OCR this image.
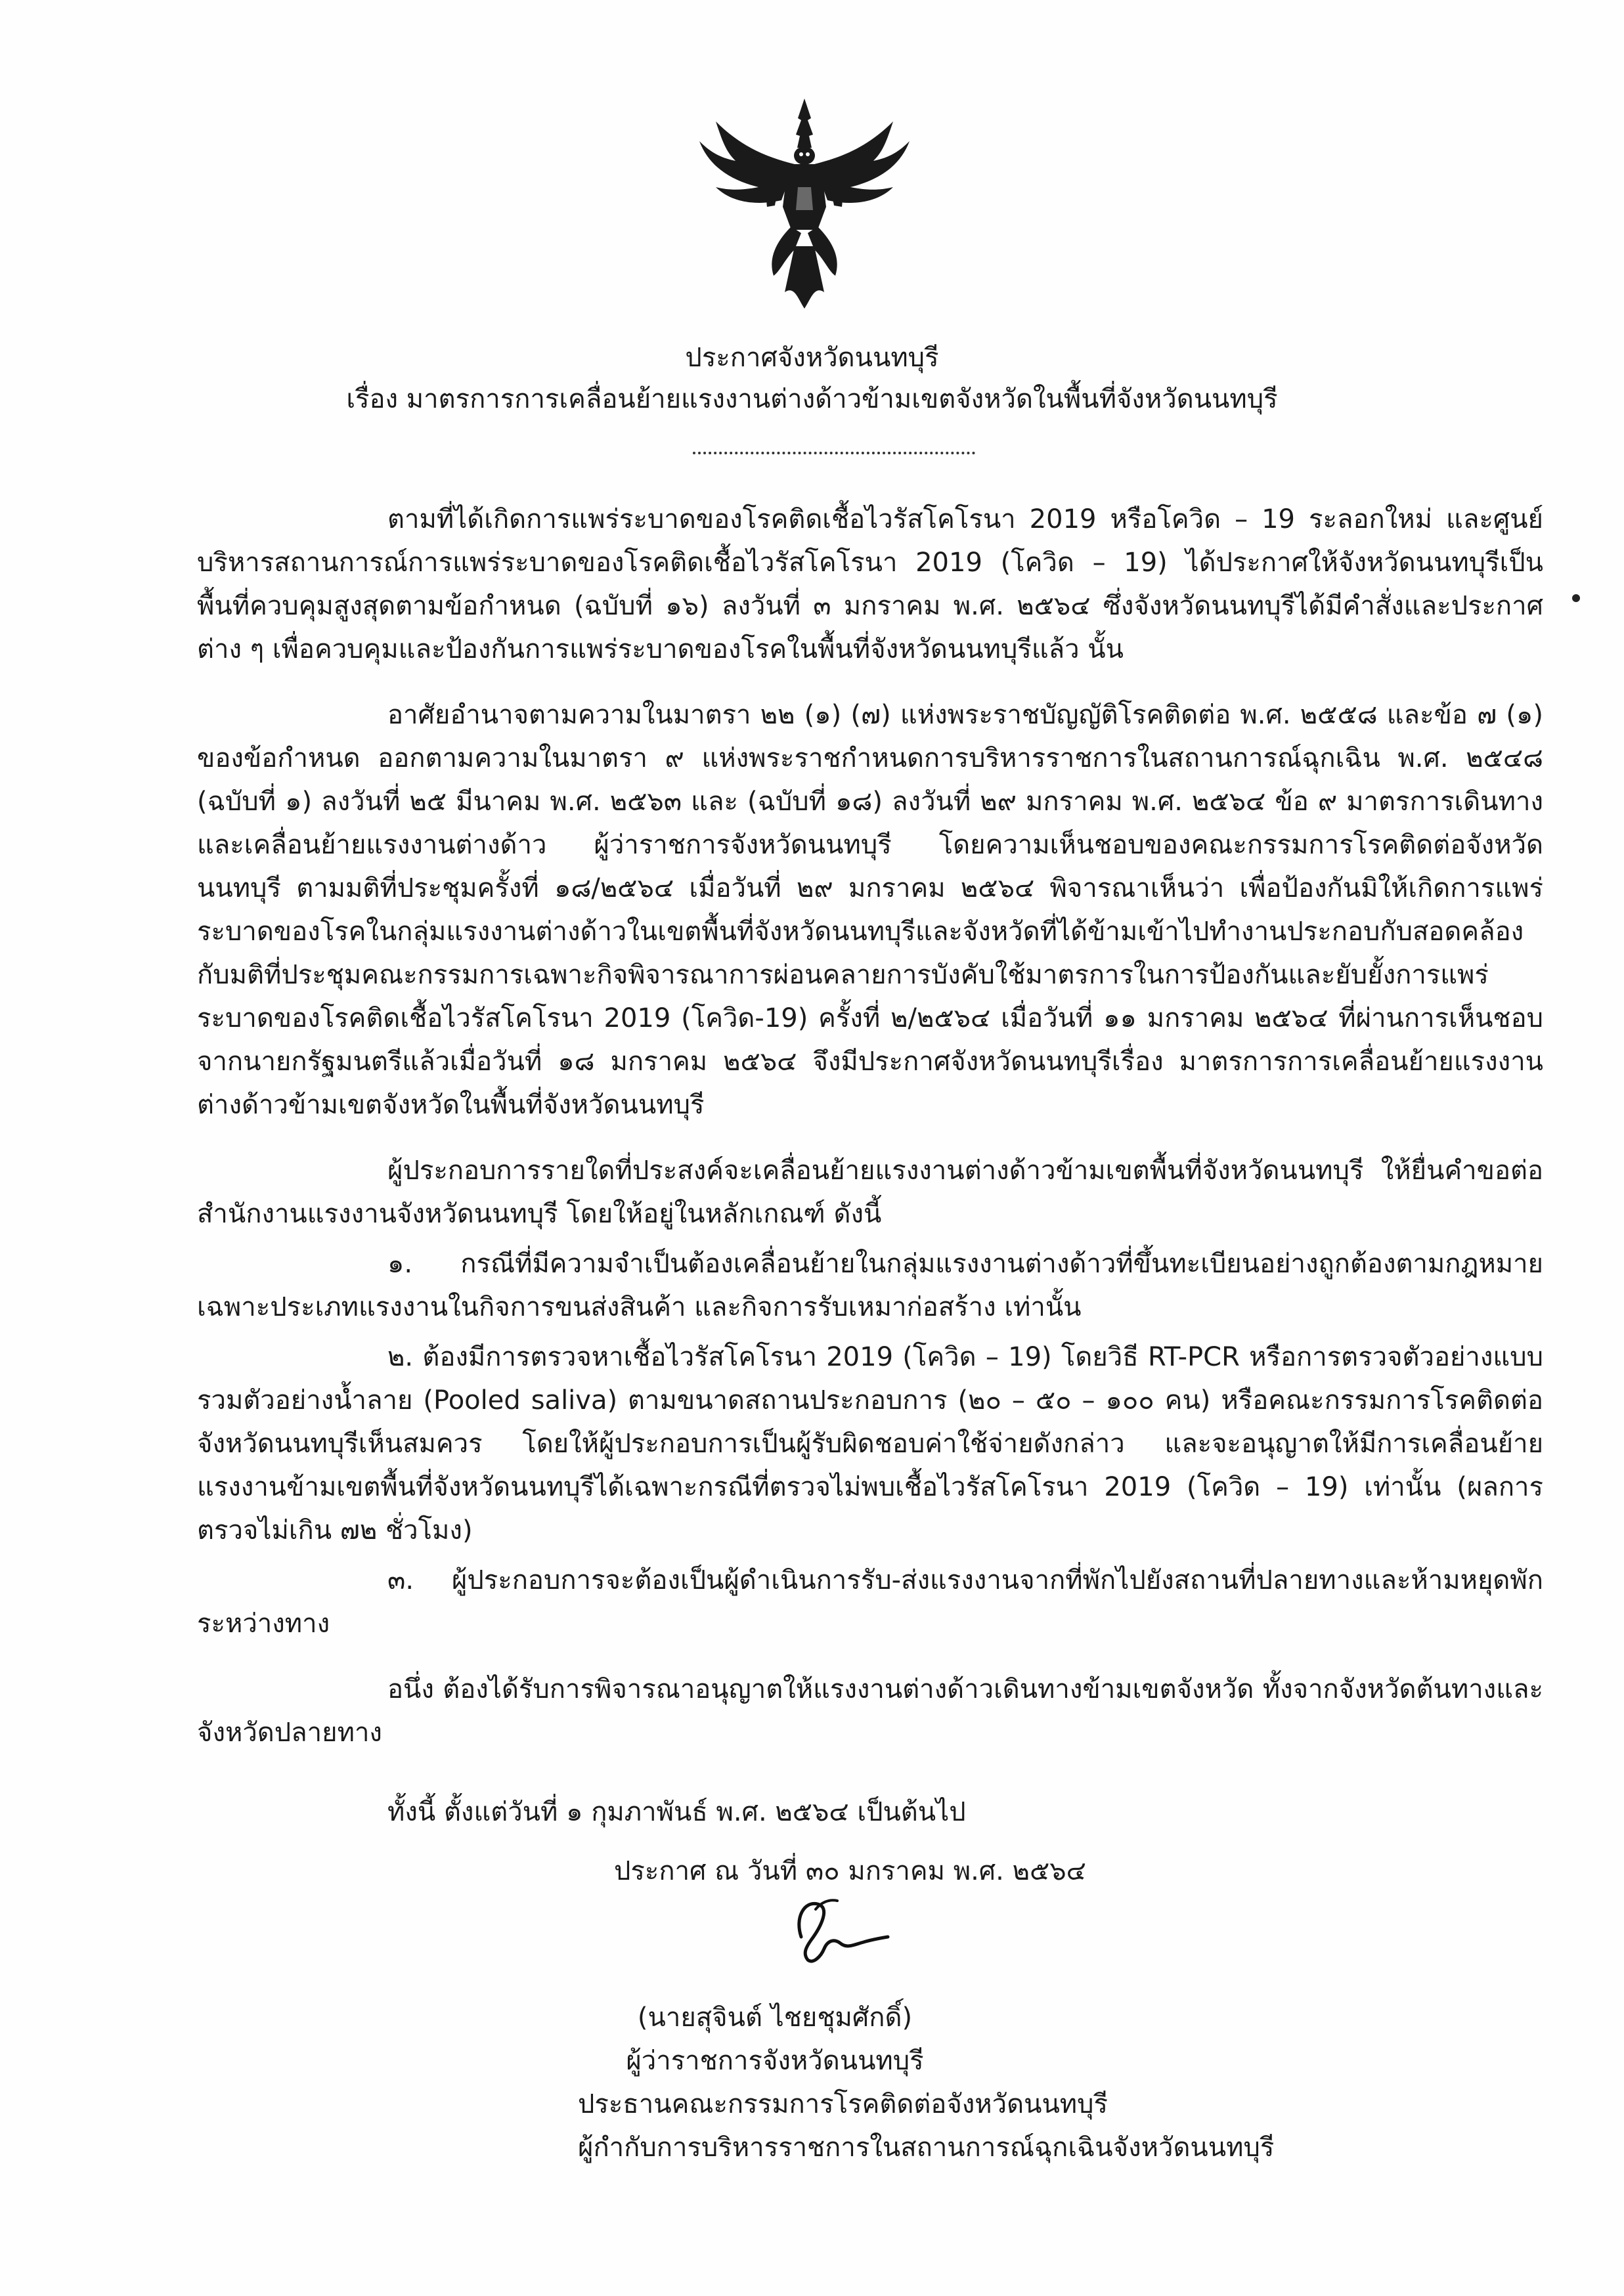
ประกาศจังหวัดนนทบุรี
เรื่อง มาตรการการเคลื่อนย้ายแรงงานต่างด้าวข้ามเขตจังหวัดในพื้นที่จังหวัดนนทบุรี

ตามที่ได้เกิดการแพร่ระบาดของโรคติดเชื้อไวรัสโคโรนา 2019 หรือโควิด – 19 ระลอกใหม่ และศูนย์บริหารสถานการณ์การแพร่ระบาดของโรคติดเชื้อไวรัสโคโรนา 2019 (โควิด – 19) ได้ประกาศให้จังหวัดนนทบุรีเป็นพื้นที่ควบคุมสูงสุดตามข้อกำหนด (ฉบับที่ ๑๖) ลงวันที่ ๓ มกราคม พ.ศ. ๒๕๖๔ ซึ่งจังหวัดนนทบุรีได้มีคำสั่งและประกาศต่าง ๆ เพื่อควบคุมและป้องกันการแพร่ระบาดของโรคในพื้นที่จังหวัดนนทบุรีแล้ว นั้น

อาศัยอำนาจตามความในมาตรา ๒๒ (๑) (๗) แห่งพระราชบัญญัติโรคติดต่อ พ.ศ. ๒๕๕๘ และข้อ ๗ (๑) ของข้อกำหนด ออกตามความในมาตรา ๙ แห่งพระราชกำหนดการบริหารราชการในสถานการณ์ฉุกเฉิน พ.ศ. ๒๕๔๘ (ฉบับที่ ๑) ลงวันที่ ๒๕ มีนาคม พ.ศ. ๒๕๖๓ และ (ฉบับที่ ๑๘) ลงวันที่ ๒๙ มกราคม พ.ศ. ๒๕๖๔ ข้อ ๙ มาตรการเดินทางและเคลื่อนย้ายแรงงานต่างด้าว ผู้ว่าราชการจังหวัดนนทบุรี โดยความเห็นชอบของคณะกรรมการโรคติดต่อจังหวัดนนทบุรี ตามมติที่ประชุมครั้งที่ ๑๘/๒๕๖๔ เมื่อวันที่ ๒๙ มกราคม ๒๕๖๔ พิจารณาเห็นว่า เพื่อป้องกันมิให้เกิดการแพร่ระบาดของโรคในกลุ่มแรงงานต่างด้าวในเขตพื้นที่จังหวัดนนทบุรีและจังหวัดที่ได้ข้ามเข้าไปทำงานประกอบกับสอดคล้องกับมติที่ประชุมคณะกรรมการเฉพาะกิจพิจารณาการผ่อนคลายการบังคับใช้มาตรการในการป้องกันและยับยั้งการแพร่ระบาดของโรคติดเชื้อไวรัสโคโรนา 2019 (โควิด-19) ครั้งที่ ๒/๒๕๖๔ เมื่อวันที่ ๑๑ มกราคม ๒๕๖๔ ที่ผ่านการเห็นชอบจากนายกรัฐมนตรีแล้วเมื่อวันที่ ๑๘ มกราคม ๒๕๖๔ จึงมีประกาศจังหวัดนนทบุรีเรื่อง มาตรการการเคลื่อนย้ายแรงงานต่างด้าวข้ามเขตจังหวัดในพื้นที่จังหวัดนนทบุรี

ผู้ประกอบการรายใดที่ประสงค์จะเคลื่อนย้ายแรงงานต่างด้าวข้ามเขตพื้นที่จังหวัดนนทบุรี ให้ยื่นคำขอต่อสำนักงานแรงงานจังหวัดนนทบุรี โดยให้อยู่ในหลักเกณฑ์ ดังนี้

๑. กรณีที่มีความจำเป็นต้องเคลื่อนย้ายในกลุ่มแรงงานต่างด้าวที่ขึ้นทะเบียนอย่างถูกต้องตามกฎหมายเฉพาะประเภทแรงงานในกิจการขนส่งสินค้า และกิจการรับเหมาก่อสร้าง เท่านั้น

๒. ต้องมีการตรวจหาเชื้อไวรัสโคโรนา 2019 (โควิด – 19) โดยวิธี RT-PCR หรือการตรวจตัวอย่างแบบรวมตัวอย่างน้ำลาย (Pooled saliva) ตามขนาดสถานประกอบการ (๒๐ – ๕๐ – ๑๐๐ คน) หรือคณะกรรมการโรคติดต่อจังหวัดนนทบุรีเห็นสมควร โดยให้ผู้ประกอบการเป็นผู้รับผิดชอบค่าใช้จ่ายดังกล่าว และจะอนุญาตให้มีการเคลื่อนย้ายแรงงานข้ามเขตพื้นที่จังหวัดนนทบุรีได้เฉพาะกรณีที่ตรวจไม่พบเชื้อไวรัสโคโรนา 2019 (โควิด – 19) เท่านั้น (ผลการตรวจไม่เกิน ๗๒ ชั่วโมง)

๓. ผู้ประกอบการจะต้องเป็นผู้ดำเนินการรับ-ส่งแรงงานจากที่พักไปยังสถานที่ปลายทางและห้ามหยุดพักระหว่างทาง

อนึ่ง ต้องได้รับการพิจารณาอนุญาตให้แรงงานต่างด้าวเดินทางข้ามเขตจังหวัด ทั้งจากจังหวัดต้นทางและจังหวัดปลายทาง

ทั้งนี้ ตั้งแต่วันที่ ๑ กุมภาพันธ์ พ.ศ. ๒๕๖๔ เป็นต้นไป
ประกาศ ณ วันที่ ๓๐ มกราคม พ.ศ. ๒๕๖๔
(นายสุจินต์ ไชยชุมศักดิ์)
ผู้ว่าราชการจังหวัดนนทบุรี
ประธานคณะกรรมการโรคติดต่อจังหวัดนนทบุรี
ผู้กำกับการบริหารราชการในสถานการณ์ฉุกเฉินจังหวัดนนทบุรี
